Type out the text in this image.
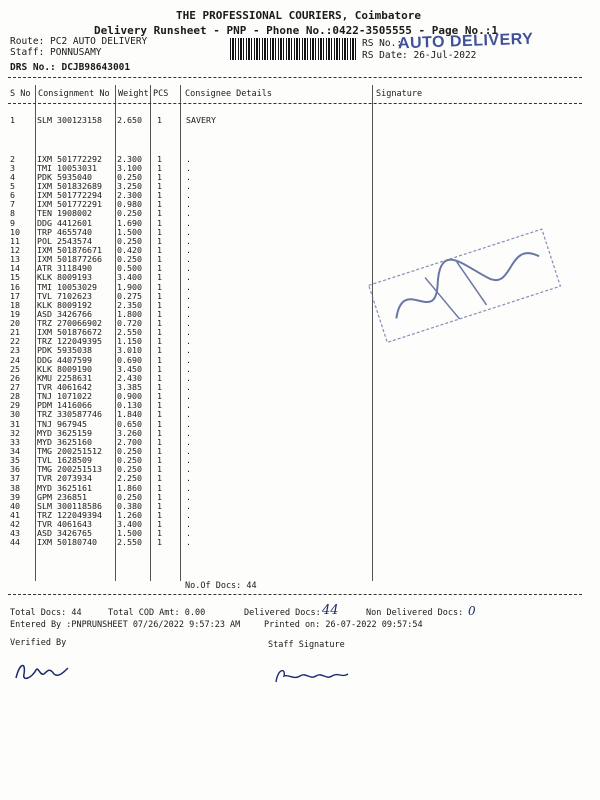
THE PROFESSIONAL COURIERS, Coimbatore
Delivery Runsheet - PNP - Phone No.:0422-3505555 - Page No.:1
Route: PC2 AUTO DELIVERY
Staff: PONNUSAMY
DRS No.: DCJB98643001
RS No.:
RS Date: 26-Jul-2022
AUTO DELIVERY
S No Consignment No Weight PCS Consignee Details	Signature
1	SLM 300123158 2.650 1	SAVERY
2	IXM 501772292 2.300 1	.
3	TMI 10053031 3.100 1	.
4	PDK 5935040	0.250 1	.
5	IXM 501832689 3.250 1	.
6	IXM 501772294 2.300 1	.
7	IXM 501772291 0.980 1	.
8	TEN 1908002	0.250 1	.
9	DDG 4412601	1.690 1	.
10 TRP 4655740	1.500 1	.
11 POL 2543574	0.250 1	.
12 IXM 501876671 0.420 1	.
13 IXM 501877266 0.250 1	.
14 ATR 3118490	0.500 1	.
15 KLK 8009193	3.400 1	.
16 TMI 10053029 1.900 1	.
17 TVL 7102623	0.275 1	.
18 KLK 8009192	2.350 1	.
19 ASD 3426766	1.800 1	.
20 TRZ 270066902 0.720 1	.
21 IXM 501876672 2.550 1	.
22 TRZ 122049395 1.150 1	.
23 PDK 5935038	3.010 1	.
24 DDG 4407599	0.690 1	.
25 KLK 8009190	3.450 1	.
26 KMU 2258631	2.430 1	.
27 TVR 4061642	3.385 1	.
28 TNJ 1071022	0.900 1	.
29 PDM 1416066	0.130 1	.
30 TRZ 330587746 1.840 1	.
31 TNJ 967945	0.650 1	.
32 MYD 3625159	3.260 1	.
33 MYD 3625160	2.700 1	.
34 TMG 200251512 0.250 1	.
35 TVL 1628509	0.250 1	.
36 TMG 200251513 0.250 1	.
37 TVR 2073934	2.250 1	.
38 MYD 3625161	1.860 1	.
39 GPM 236851	0.250 1	.
40 SLM 300118586 0.380 1	.
41 TRZ 122049394 1.260 1	.
42 TVR 4061643	3.400 1	.
43 ASD 3426765	1.500 1	.
44 IXM 50180740 2.550 1	.
No.Of Docs: 44
Total Docs: 44	Total COD Amt: 0.00	Delivered Docs: 44	Non Delivered Docs: 0
Entered By :PNPRUNSHEET 07/26/2022 9:57:23 AM	Printed on: 26-07-2022 09:57:54
Verified By	Staff Signature
